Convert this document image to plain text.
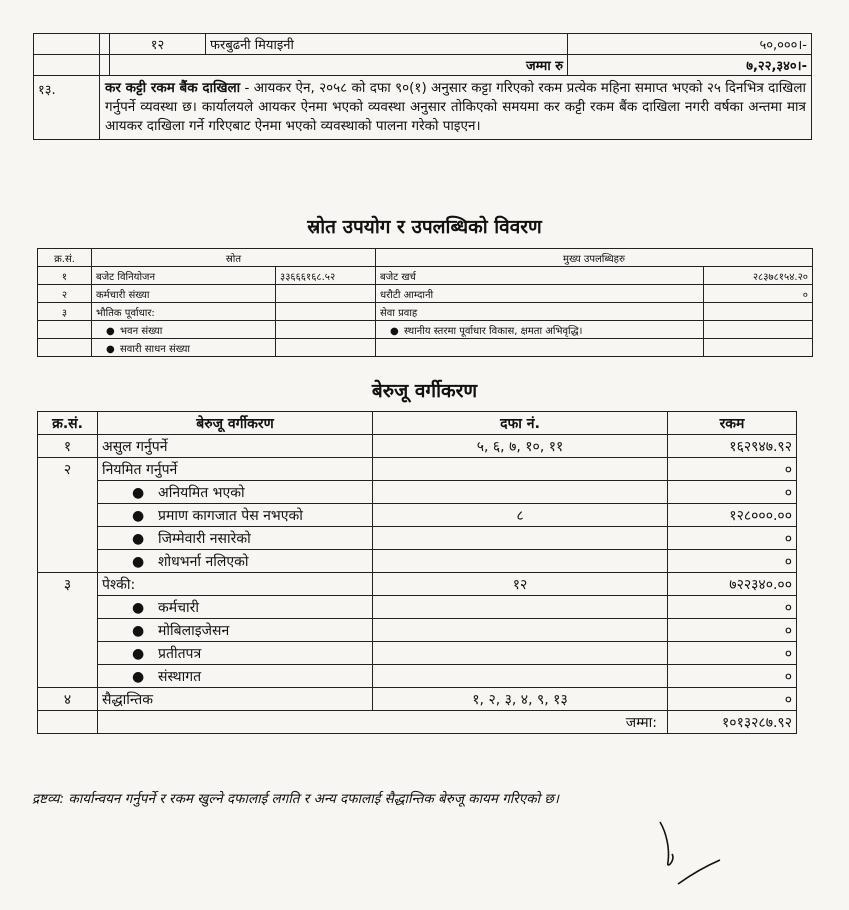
		१२	फरबुढनी मियाइनी	५०,०००।-
		जम्मा रु		७,२२,३४०।-
१३.	कर कट्टी रकम बैंक दाखिला - आयकर ऐन, २०५८ को दफा ९०(१) अनुसार कट्टा गरिएको रकम प्रत्येक महिना समाप्त भएको २५ दिनभित्र दाखिला गर्नुपर्ने व्यवस्था छ। कार्यालयले आयकर ऐनमा भएको व्यवस्था अनुसार तोकिएको समयमा कर कट्टी रकम बैंक दाखिला नगरी वर्षका अन्तमा मात्र आयकर दाखिला गर्ने गरिएबाट ऐनमा भएको व्यवस्थाको पालना गरेको पाइएन।			
स्रोत उपयोग र उपलब्धिको विवरण
क्र.सं.	स्रोत		मुख्य उपलब्धिहरु	
१	बजेट विनियोजन	३३६६६१६८.५२	बजेट खर्च	२८३७८१५४.२०
२	कर्मचारी संख्या		धरौटी आम्दानी	०
३	भौतिक पूर्वाधार:		सेवा प्रवाह	
	● भवन संख्या		● स्थानीय स्तरमा पूर्वाधार विकास, क्षमता अभिवृद्धि।	
	● सवारी साधन संख्या			
बेरुजू वर्गीकरण
क्र.सं.	बेरुजू वर्गीकरण	दफा नं.	रकम
१	असुल गर्नुपर्ने	५, ६, ७, १०, ११	१६२९४७.९२
२	नियमित गर्नुपर्ने		०
	● अनियमित भएको		०
	● प्रमाण कागजात पेस नभएको	८	१२८०००.००
	● जिम्मेवारी नसारेको		०
	● शोधभर्ना नलिएको		०
३	पेश्की:	१२	७२२३४०.००
	● कर्मचारी		०
	● मोबिलाइजेसन		०
	● प्रतीतपत्र		०
	● संस्थागत		०
४	सैद्धान्तिक	१, २, ३, ४, ९, १३	०
	जम्मा:		१०१३२८७.९२
द्रष्टव्य: कार्यान्वयन गर्नुपर्ने र रकम खुल्ने दफालाई लगति र अन्य दफालाई सैद्धान्तिक बेरुजू कायम गरिएको छ।
